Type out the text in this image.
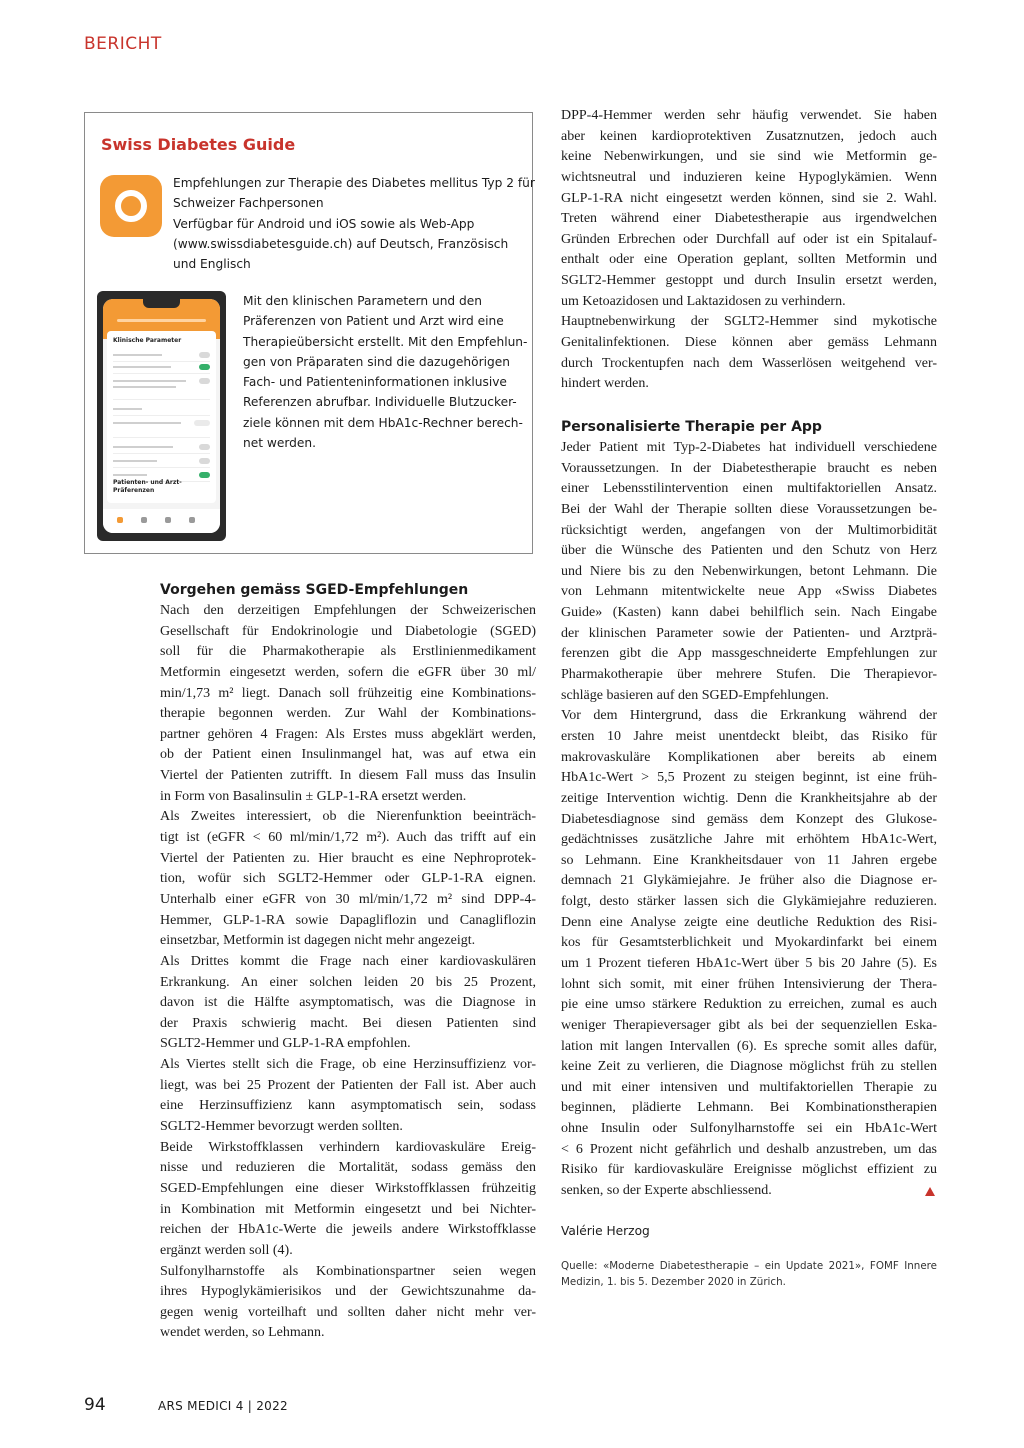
BERICHT
Swiss Diabetes Guide
Empfehlungen zur Therapie des Diabetes mellitus Typ 2 für
Schweizer Fachpersonen
Verfügbar für Android und iOS sowie als Web-App
(www.swissdiabetesguide.ch) auf Deutsch, Französisch
und Englisch
Klinische Parameter
Patienten- und Arzt-
Präferenzen
Mit den klinischen Parametern und den
Präferenzen von Patient und Arzt wird eine
Therapieübersicht erstellt. Mit den Empfehlun-
gen von Präparaten sind die dazugehörigen
Fach- und Patienteninformationen inklusive
Referenzen abrufbar. Individuelle Blutzucker-
ziele können mit dem HbA1c-Rechner berech-
net werden.
Vorgehen gemäss SGED-Empfehlungen
Nach den derzeitigen Empfehlungen der Schweizerischen
Gesellschaft für Endokrinologie und Diabetologie (SGED)
soll für die Pharmakotherapie als Erstlinienmedikament
Metformin eingesetzt werden, sofern die eGFR über 30 ml/
min/1,73 m² liegt. Danach soll frühzeitig eine Kombinations-
therapie begonnen werden. Zur Wahl der Kombinations-
partner gehören 4 Fragen: Als Erstes muss abgeklärt werden,
ob der Patient einen Insulinmangel hat, was auf etwa ein
Viertel der Patienten zutrifft. In diesem Fall muss das Insulin
in Form von Basalinsulin ± GLP-1-RA ersetzt werden.
Als Zweites interessiert, ob die Nierenfunktion beeinträch-
tigt ist (eGFR < 60 ml/min/1,72 m²). Auch das trifft auf ein
Viertel der Patienten zu. Hier braucht es eine Nephroprotek-
tion, wofür sich SGLT2-Hemmer oder GLP-1-RA eignen.
Unterhalb einer eGFR von 30 ml/min/1,72 m² sind DPP-4-
Hemmer, GLP-1-RA sowie Dapagliflozin und Canagliflozin
einsetzbar, Metformin ist dagegen nicht mehr angezeigt.
Als Drittes kommt die Frage nach einer kardiovaskulären
Erkrankung. An einer solchen leiden 20 bis 25 Prozent,
davon ist die Hälfte asymptomatisch, was die Diagnose in
der Praxis schwierig macht. Bei diesen Patienten sind
SGLT2-Hemmer und GLP-1-RA empfohlen.
Als Viertes stellt sich die Frage, ob eine Herzinsuffizienz vor-
liegt, was bei 25 Prozent der Patienten der Fall ist. Aber auch
eine Herzinsuffizienz kann asymptomatisch sein, sodass
SGLT2-Hemmer bevorzugt werden sollten.
Beide Wirkstoffklassen verhindern kardiovaskuläre Ereig-
nisse und reduzieren die Mortalität, sodass gemäss den
SGED-Empfehlungen eine dieser Wirkstoffklassen frühzeitig
in Kombination mit Metformin eingesetzt und bei Nichter-
reichen der HbA1c-Werte die jeweils andere Wirkstoffklasse
ergänzt werden soll (4).
Sulfonylharnstoffe als Kombinationspartner seien wegen
ihres Hypoglykämierisikos und der Gewichtszunahme da-
gegen wenig vorteilhaft und sollten daher nicht mehr ver-
wendet werden, so Lehmann.
DPP-4-Hemmer werden sehr häufig verwendet. Sie haben
aber keinen kardioprotektiven Zusatznutzen, jedoch auch
keine Nebenwirkungen, und sie sind wie Metformin ge-
wichtsneutral und induzieren keine Hypoglykämien. Wenn
GLP-1-RA nicht eingesetzt werden können, sind sie 2. Wahl.
Treten während einer Diabetestherapie aus irgendwelchen
Gründen Erbrechen oder Durchfall auf oder ist ein Spitalauf-
enthalt oder eine Operation geplant, sollten Metformin und
SGLT2-Hemmer gestoppt und durch Insulin ersetzt werden,
um Ketoazidosen und Laktazidosen zu verhindern.
Hauptnebenwirkung der SGLT2-Hemmer sind mykotische
Genitalinfektionen. Diese können aber gemäss Lehmann
durch Trockentupfen nach dem Wasserlösen weitgehend ver-
hindert werden.
Personalisierte Therapie per App
Jeder Patient mit Typ-2-Diabetes hat individuell verschiedene
Voraussetzungen. In der Diabetestherapie braucht es neben
einer Lebensstilintervention einen multifaktoriellen Ansatz.
Bei der Wahl der Therapie sollten diese Voraussetzungen be-
rücksichtigt werden, angefangen von der Multimorbidität
über die Wünsche des Patienten und den Schutz von Herz
und Niere bis zu den Nebenwirkungen, betont Lehmann. Die
von Lehmann mitentwickelte neue App «Swiss Diabetes
Guide» (Kasten) kann dabei behilflich sein. Nach Eingabe
der klinischen Parameter sowie der Patienten- und Arztprä-
ferenzen gibt die App massgeschneiderte Empfehlungen zur
Pharmakotherapie über mehrere Stufen. Die Therapievor-
schläge basieren auf den SGED-Empfehlungen.
Vor dem Hintergrund, dass die Erkrankung während der
ersten 10 Jahre meist unentdeckt bleibt, das Risiko für
makrovaskuläre Komplikationen aber bereits ab einem
HbA1c-Wert > 5,5 Prozent zu steigen beginnt, ist eine früh-
zeitige Intervention wichtig. Denn die Krankheitsjahre ab der
Diabetesdiagnose sind gemäss dem Konzept des Glukose-
gedächtnisses zusätzliche Jahre mit erhöhtem HbA1c-Wert,
so Lehmann. Eine Krankheitsdauer von 11 Jahren ergebe
demnach 21 Glykämiejahre. Je früher also die Diagnose er-
folgt, desto stärker lassen sich die Glykämiejahre reduzieren.
Denn eine Analyse zeigte eine deutliche Reduktion des Risi-
kos für Gesamtsterblichkeit und Myokardinfarkt bei einem
um 1 Prozent tieferen HbA1c-Wert über 5 bis 20 Jahre (5). Es
lohnt sich somit, mit einer frühen Intensivierung der Thera-
pie eine umso stärkere Reduktion zu erreichen, zumal es auch
weniger Therapieversager gibt als bei der sequenziellen Eska-
lation mit langen Intervallen (6). Es spreche somit alles dafür,
keine Zeit zu verlieren, die Diagnose möglichst früh zu stellen
und mit einer intensiven und multifaktoriellen Therapie zu
beginnen, plädierte Lehmann. Bei Kombinationstherapien
ohne Insulin oder Sulfonylharnstoffe sei ein HbA1c-Wert
< 6 Prozent nicht gefährlich und deshalb anzustreben, um das
Risiko für kardiovaskuläre Ereignisse möglichst effizient zu
senken, so der Experte abschliessend.
Valérie Herzog
Quelle: «Moderne Diabetestherapie – ein Update 2021», FOMF Innere
Medizin, 1. bis 5. Dezember 2020 in Zürich.
94	ARS MEDICI 4 | 2022
